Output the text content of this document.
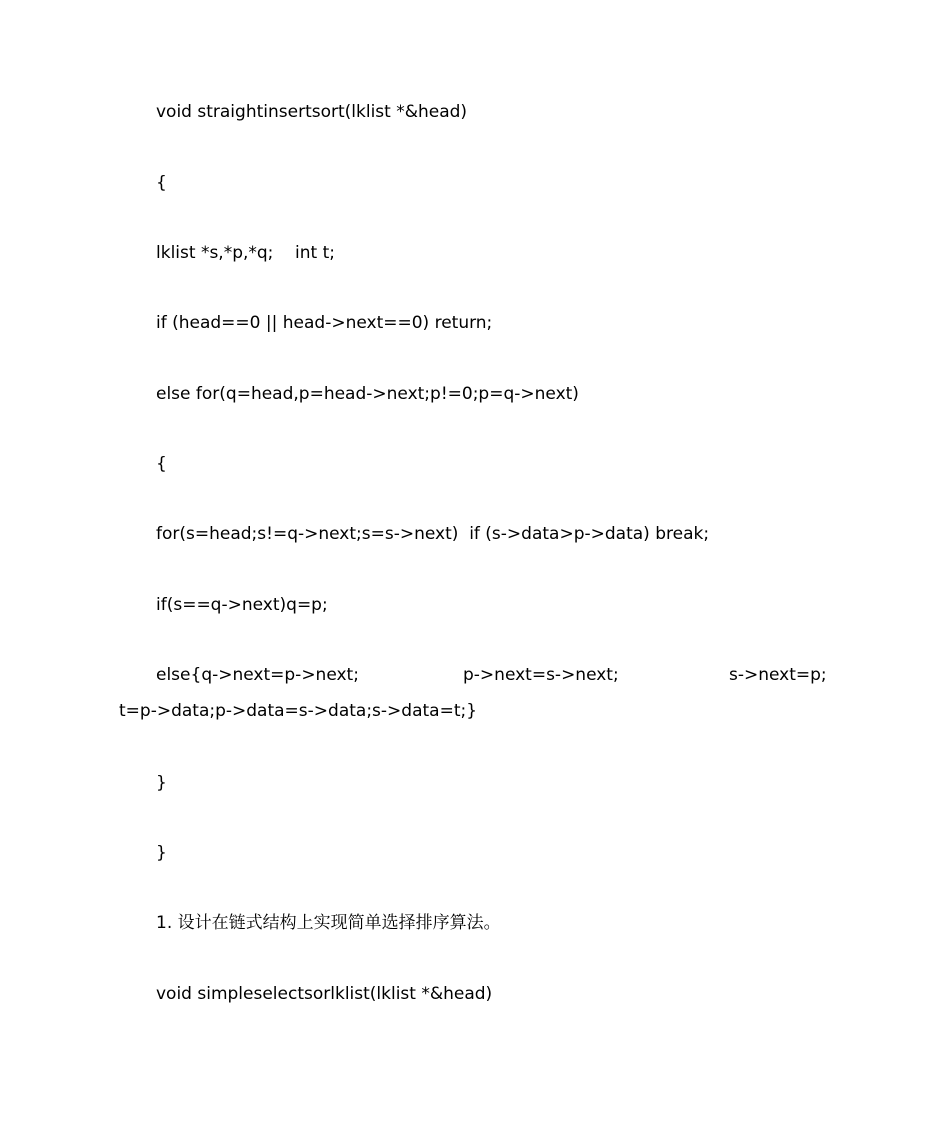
void straightinsertsort(lklist *&head)
{
lklist *s,*p,*q;    int t;
if (head==0 || head->next==0) return;
else for(q=head,p=head->next;p!=0;p=q->next)
{
for(s=head;s!=q->next;s=s->next)  if (s->data>p->data) break;
if(s==q->next)q=p;
else{q->next=p->next;	p->next=s->next;	s->next=p;
t=p->data;p->data=s->data;s->data=t;}
}
}
1. 设计在链式结构上实现简单选择排序算法。
void simpleselectsorlklist(lklist *&head)
